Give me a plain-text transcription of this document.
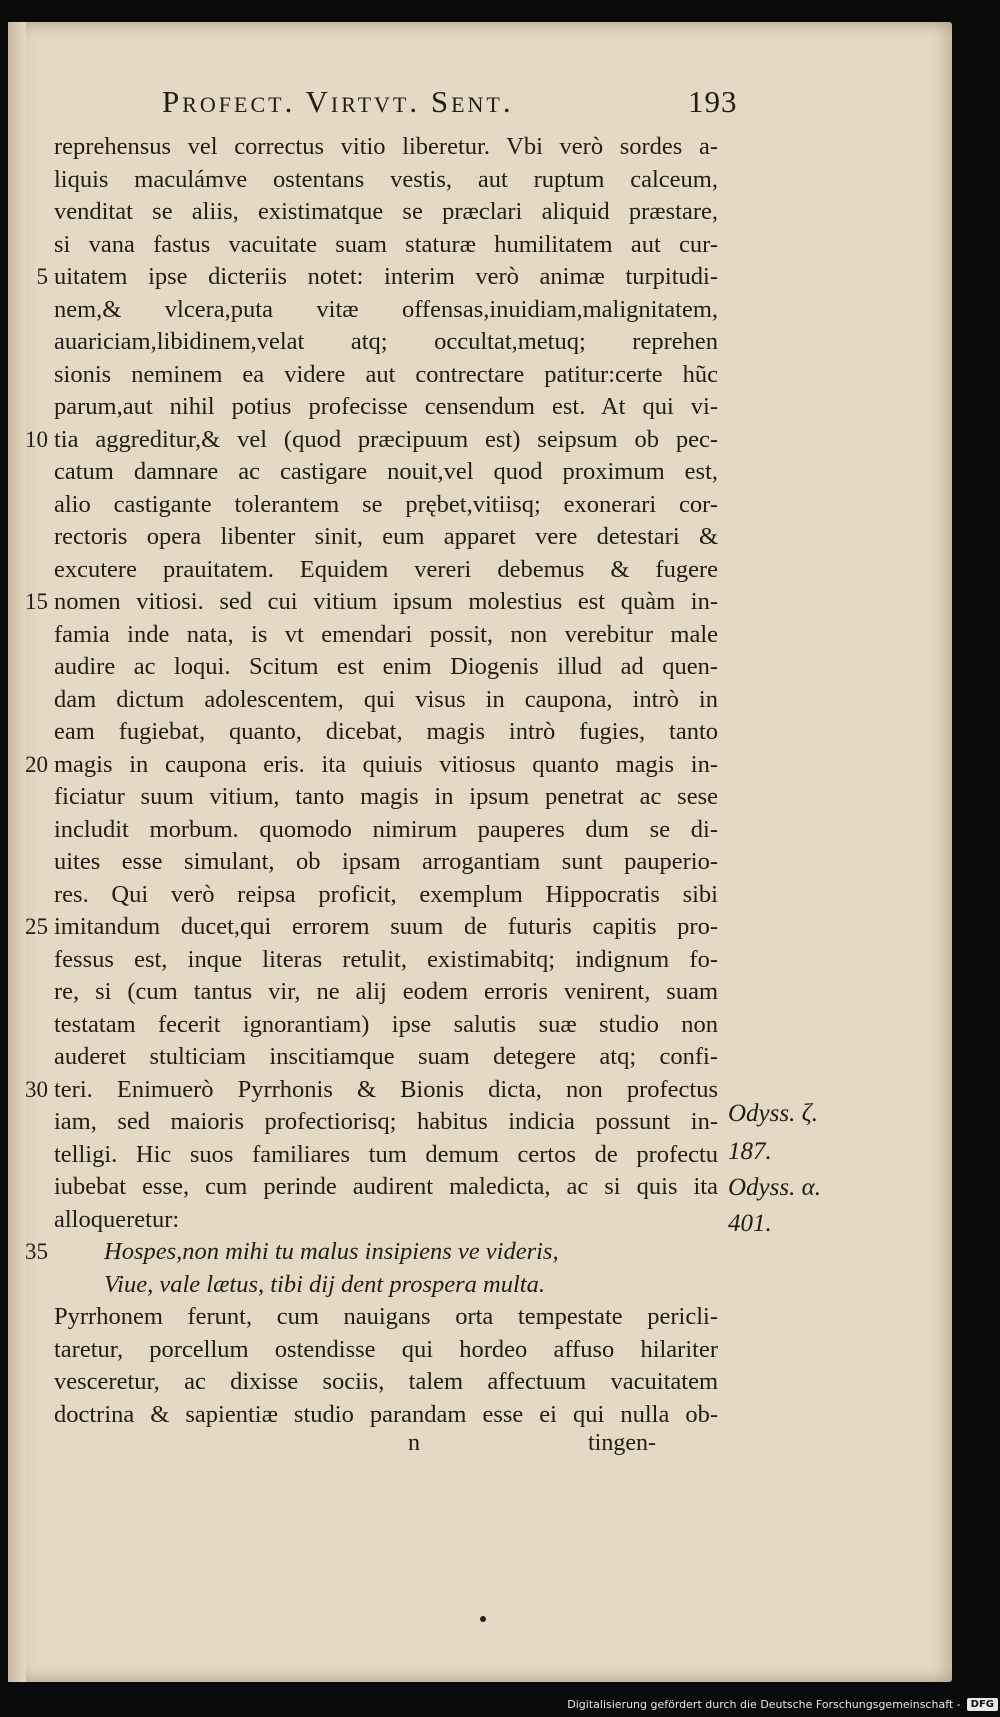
Profect. Virtvt. Sent.	193
reprehensus vel correctus vitio liberetur. Vbi verò sordes a-
liquis maculámve ostentans vestis, aut ruptum calceum,
venditat se aliis, existimatque se præclari aliquid præstare,
si vana fastus vacuitate suam staturæ humilitatem aut cur-
5 uitatem ipse dicteriis notet: interim verò animæ turpitudi-
nem,& vlcera,puta vitæ offensas,inuidiam,malignitatem,
auariciam,libidinem,velat atq; occultat,metuq; reprehen
sionis neminem ea videre aut contrectare patitur:certe hũc
parum,aut nihil potius profecisse censendum est. At qui vi-
10 tia aggreditur,& vel (quod præcipuum est) seipsum ob pec-
catum damnare ac castigare nouit,vel quod proximum est,
alio castigante tolerantem se prębet,vitiisq; exonerari cor-
rectoris opera libenter sinit, eum apparet vere detestari &
excutere prauitatem. Equidem vereri debemus & fugere
15 nomen vitiosi. sed cui vitium ipsum molestius est quàm in-
famia inde nata, is vt emendari possit, non verebitur male
audire ac loqui. Scitum est enim Diogenis illud ad quen-
dam dictum adolescentem, qui visus in caupona, intrò in
eam fugiebat, quanto, dicebat, magis intrò fugies, tanto
20 magis in caupona eris. ita quiuis vitiosus quanto magis in-
ficiatur suum vitium, tanto magis in ipsum penetrat ac sese
includit morbum. quomodo nimirum pauperes dum se di-
uites esse simulant, ob ipsam arrogantiam sunt pauperio-
res. Qui verò reipsa proficit, exemplum Hippocratis sibi
25 imitandum ducet,qui errorem suum de futuris capitis pro-
fessus est, inque literas retulit, existimabitq; indignum fo-
re, si (cum tantus vir, ne alij eodem erroris venirent, suam
testatam fecerit ignorantiam) ipse salutis suæ studio non
auderet stulticiam inscitiamque suam detegere atq; confi-
30 teri. Enimuerò Pyrrhonis & Bionis dicta, non profectus
iam, sed maioris profectiorisq; habitus indicia possunt in-
telligi. Hic suos familiares tum demum certos de profectu
iubebat esse, cum perinde audirent maledicta, ac si quis ita
alloqueretur:
35 Hospes,non mihi tu malus insipiens ve videris,
Viue, vale lætus, tibi dij dent prospera multa.
Pyrrhonem ferunt, cum nauigans orta tempestate pericli-
taretur, porcellum ostendisse qui hordeo affuso hilariter
vesceretur, ac dixisse sociis, talem affectuum vacuitatem
doctrina & sapientiæ studio parandam esse ei qui nulla ob-
n	tingen-
Odyss. ζ.
187.
Odyss. α.
401.
Digitalisierung gefördert durch die Deutsche Forschungsgemeinschaft -	DFG
